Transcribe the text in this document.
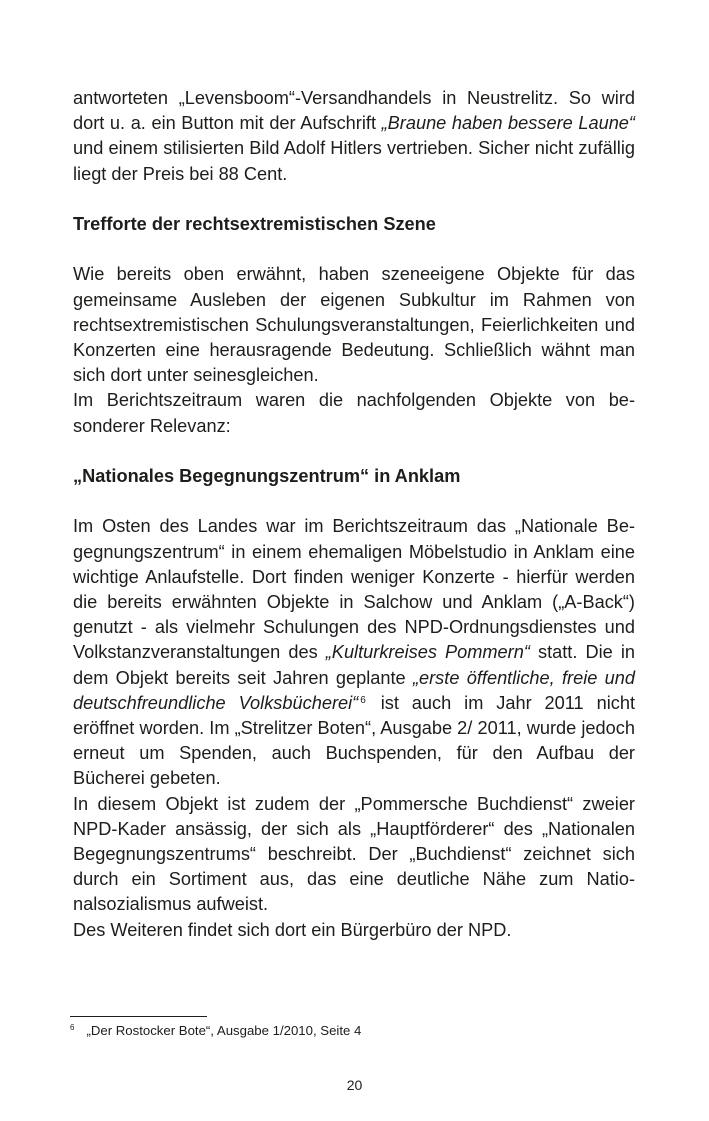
antworteten „Levensboom“-Versandhandels in Neustrelitz. So wird dort u. a. ein Button mit der Aufschrift „Braune haben bessere Laune“ und einem stilisierten Bild Adolf Hitlers vertrieben. Sicher nicht zufällig liegt der Preis bei 88 Cent.

Trefforte der rechtsextremistischen Szene

Wie bereits oben erwähnt, haben szeneeigene Objekte für das gemeinsame Ausleben der eigenen Subkultur im Rahmen von rechtsextremistischen Schulungsveranstaltungen, Feierlichkeiten und Konzerten eine herausragende Bedeutung. Schließlich wähnt man sich dort unter seinesgleichen.

Im Berichtszeitraum waren die nachfolgenden Objekte von besonderer Relevanz:

„Nationales Begegnungszentrum“ in Anklam

Im Osten des Landes war im Berichtszeitraum das „Nationale Begegnungszentrum“ in einem ehemaligen Möbelstudio in Anklam eine wichtige Anlaufstelle. Dort finden weniger Konzerte - hierfür werden die bereits erwähnten Objekte in Salchow und Anklam („A-Back“) genutzt - als vielmehr Schulungen des NPD-Ordnungsdienstes und Volkstanzveranstaltungen des „Kulturkreises Pommern“ statt. Die in dem Objekt bereits seit Jahren geplante „erste öffentliche, freie und deutschfreundliche Volksbücherei“ $^6$ ist auch im Jahr 2011 nicht eröffnet worden. Im „Strelitzer Boten“, Ausgabe 2/ 2011, wurde jedoch erneut um Spenden, auch Buchspenden, für den Aufbau der Bücherei gebeten.

In diesem Objekt ist zudem der „Pommersche Buchdienst“ zweier NPD-Kader ansässig, der sich als „Hauptförderer“ des „Nationalen Begegnungszentrums“ beschreibt. Der „Buchdienst“ zeichnet sich durch ein Sortiment aus, das eine deutliche Nähe zum Nationalsozialismus aufweist.

Des Weiteren findet sich dort ein Bürgerbüro der NPD.

$^6$ „Der Rostocker Bote“, Ausgabe 1/2010, Seite 4
20
